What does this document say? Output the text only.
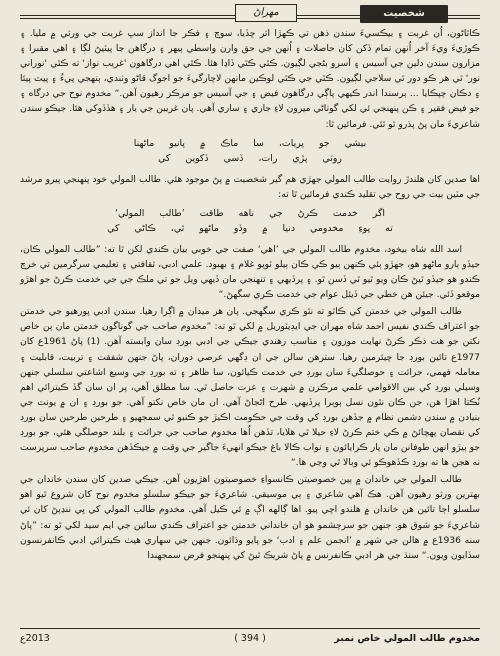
مهراڻ	شخصيت

ڪاٿاڻون، اُن غربت ۽ بيڪسيءَ سندن ذهن تي ڪهڙا اثر ڇڏيا، سوچ ۽ فڪر جا انداز سڀ غربت جي ورثي ۾ مليا. ۽ ڪوڙيءَ ويءَ آخر اُنهن تمام ڏکن کان حاصلات ۽ اُنهن جي حق وارن واسطي ٻيهر ۽ درگاهن جا پيٽيڻ لڳا ۽ اهي مقبرا ۽ مزارون سندن دلين جي آسيس ۽ آسرو بڻجي لڳيون. ڪٿي ڪٿي ڏاڍا هئا. ڪٿي اهي درگاهون 'غريب نواز' ته ڪٿي 'نوراني نور' ٿي هر ڪو دور ٿي سلاجي لڳيون. ڪٿي جي ڪٿي لوڪين مانهن لاچارگيءَ جو اجوگ قاڻو وٺندي، ٻنهجي پيءُ ۽ پيٽ پيئا ۽ دڪان چپڪايا ... ٻرسندا اندر ڪيهي پاڳي درگاهون فيض ۽ جي آسيس جو مرڪز رهيون آهن.“ مخدوم نوح جي درگاه ۽ جو فيض فقير ۽ ڪن پنهنجي ئي لکي گوٺاڻي ميرون لاءِ جاري ۽ ساري آهي. پان غريبن جي يار ۽ هڏڏوکي هئا. جيڪو سندن شاعريءَ مان پڻ پڌرو ٿو ٿئي. فرمائين ٿا:

بيشي جو پريات، سا ماڪ ۾ پانيو ماڻهنا
روٽي پڙي رات، ڏسي ڏکوين کي

اها صدين کان هلندڙ روايت طالب المولي جهڙي هم گير شخصيت ۾ پڻ موجود هئي. طالب المولي خود پنهنجي پيرو مرشد جي مٽين بيت جي روح جي تقليد ڪندي فرمائين ٿا ته:

اگر خدمت ڪرڻ جي ناهه طاقت ’طالب المولي‘
ته پوءِ مخدومي دنيا ۾ وڏو ماڻهو ٿي، ڪاڻي کي

اسد الله شاه بيخود، مخدوم طالب المولي جي ’اهي‘ صفت جي خوبي بيان ڪندي لکن ٿا ته: ”طالب المولي ڪان، جيڏو ٻارو ماڻهو هو، جهڙو ٻئي ڪنهن ٻيو ڪي ڪان ٻيلو ٽوپو غلام ۽ بهبود. علمي ادبي، ثقافتي ۽ تعليمي سرگرمين تي خرچ ڪندو هو جيڏو ٿيڻ ڪان ويو ٿيو ٿي ڏسن ٿو. ۽ پرڏيهي ۽ تنهنجي مان ڏيهي ويل جو تي ملڪ جي جي خدمت ڪرڻ جو اهڙو موقعو ڏئي. جيئن هن خطي جي ڏيئل عوام جي خدمت ڪري سگهڻ.“

طالب المولي جي خدمتن کي ڪاٿو ته نٿو ڪري سگهجي. پان هر ميدان ۾ اڳرا رهيا. سندن ادبي پورهيو جي خدمتن جو اعتراف ڪندي نفيس احمد شاه مهران جي ايڊيٽوريل ۾ لکي ٿو ته: ”مخدوم صاحب جي گوناگون خدمتن مان ٻن خاص نکتن جو هت ذڪر ڪرڻ نهايت موزون ۽ مناسب رهندي جيڪي جي ادبي بورڊ سان وابسته آهن. (1) پاڻ 1961ع کان 1977ع تائين بورڊ جا چيئرمين رهيا. سترهن سالن جي ان ڊگهي عرصي دوران، پاڻ جنهن شفقت ۽ تربيت، قابليت ۽ معاملہ فهمي، جرائت ۽ حوصلگيءَ سان بورڊ جي خدمت ڪيائون، سا ظاهر ۽ ته بورڊ جي وسيع اشاعتي سلسلي جنهن وسيلي بورڊ کي بين الاقوامي علمي مرڪزن ۾ شهرت ۽ عزت حاصل ٿي. سا مطلق آهي، پر ان سان گڏ ڪيترائي اهم نُڪتا اهڙا هن، جن ڪان نٿون نسل ٻوٻرا پرڏيهي. طرح اڻجاڻ آهي. ان مان خاص نکتو آهي. جو بورڊ ۽ ان ۾ يونٽ جي بنيادن ۾ سندن دشمن نظام ۾ جڏهن بورڊ کي وقت جي حڪومت اڪيڙ جو ڪنبو ٿي سمجهيو ۽ طرحين طرحين سان بورڊ کي نقصان پهچائڻ ۾ ڪي ختم ڪرڻ لاءِ حيلا ٿي هلايا، تڏهن اُها مخدوم صاحب جي جرائت ۽ بلند حوصلگي هئي، جو بورڊ جو ٻيڙو انهن طوفانن مان پار ڪرايائون ۽ نواب ڪالا باغ جيڪو انهيءَ جاگير جي وقت ۾ جيڪڏهن مخدوم صاحب سرپرست نه هجن ها ته بورڊ ڪڏهوڪو ئي وبالا ٿي وڃي ها.“

طالب المولي جي خاندان ۾ ٻين خصوصيتن ڪانسواءِ خصوصيتون اهڙيون آهن. جيڪي صدين کان سندن خاندان جي بهترين ورثو رهيون آهن. هڪ آهي شاعري ۽ ٻي موسيقي. شاعريءَ جو جيڪو سلسلو مخدوم نوح کان شروع ٿيو اهو سلسلو اڄا تائين هن خاندان ۾ هلندو اچي پيو. اها ڳالهه اڳ ۾ ئي ڪيل آهي. مخدوم طالب المولي کي ڀي ننڍپڻ کان ئي شاعريءَ جو شوق هو. جنهن جو سرچشمو هو ان خانداني خدمتن جو اعتراف ڪندي سائين جي ايم سيد لکي ٿو ته: ”پاڻ سنه 1936ع ۾ هالن جي شهر ۾ ’انجمن علم ۽ ادب‘ جو پايو وڌائون. جنهن جي سهاري هيٺ ڪيترائي ادبي ڪانفرنسون سڏايون ويون.“ سنڌ جي هر ادبي ڪانفرنس ۾ پاڻ شريڪ ٿيڻ کي پنهنجو فرض سمجهندا

2013ع	( 394 )	مخدوم طالب المولي خاص نمبر
